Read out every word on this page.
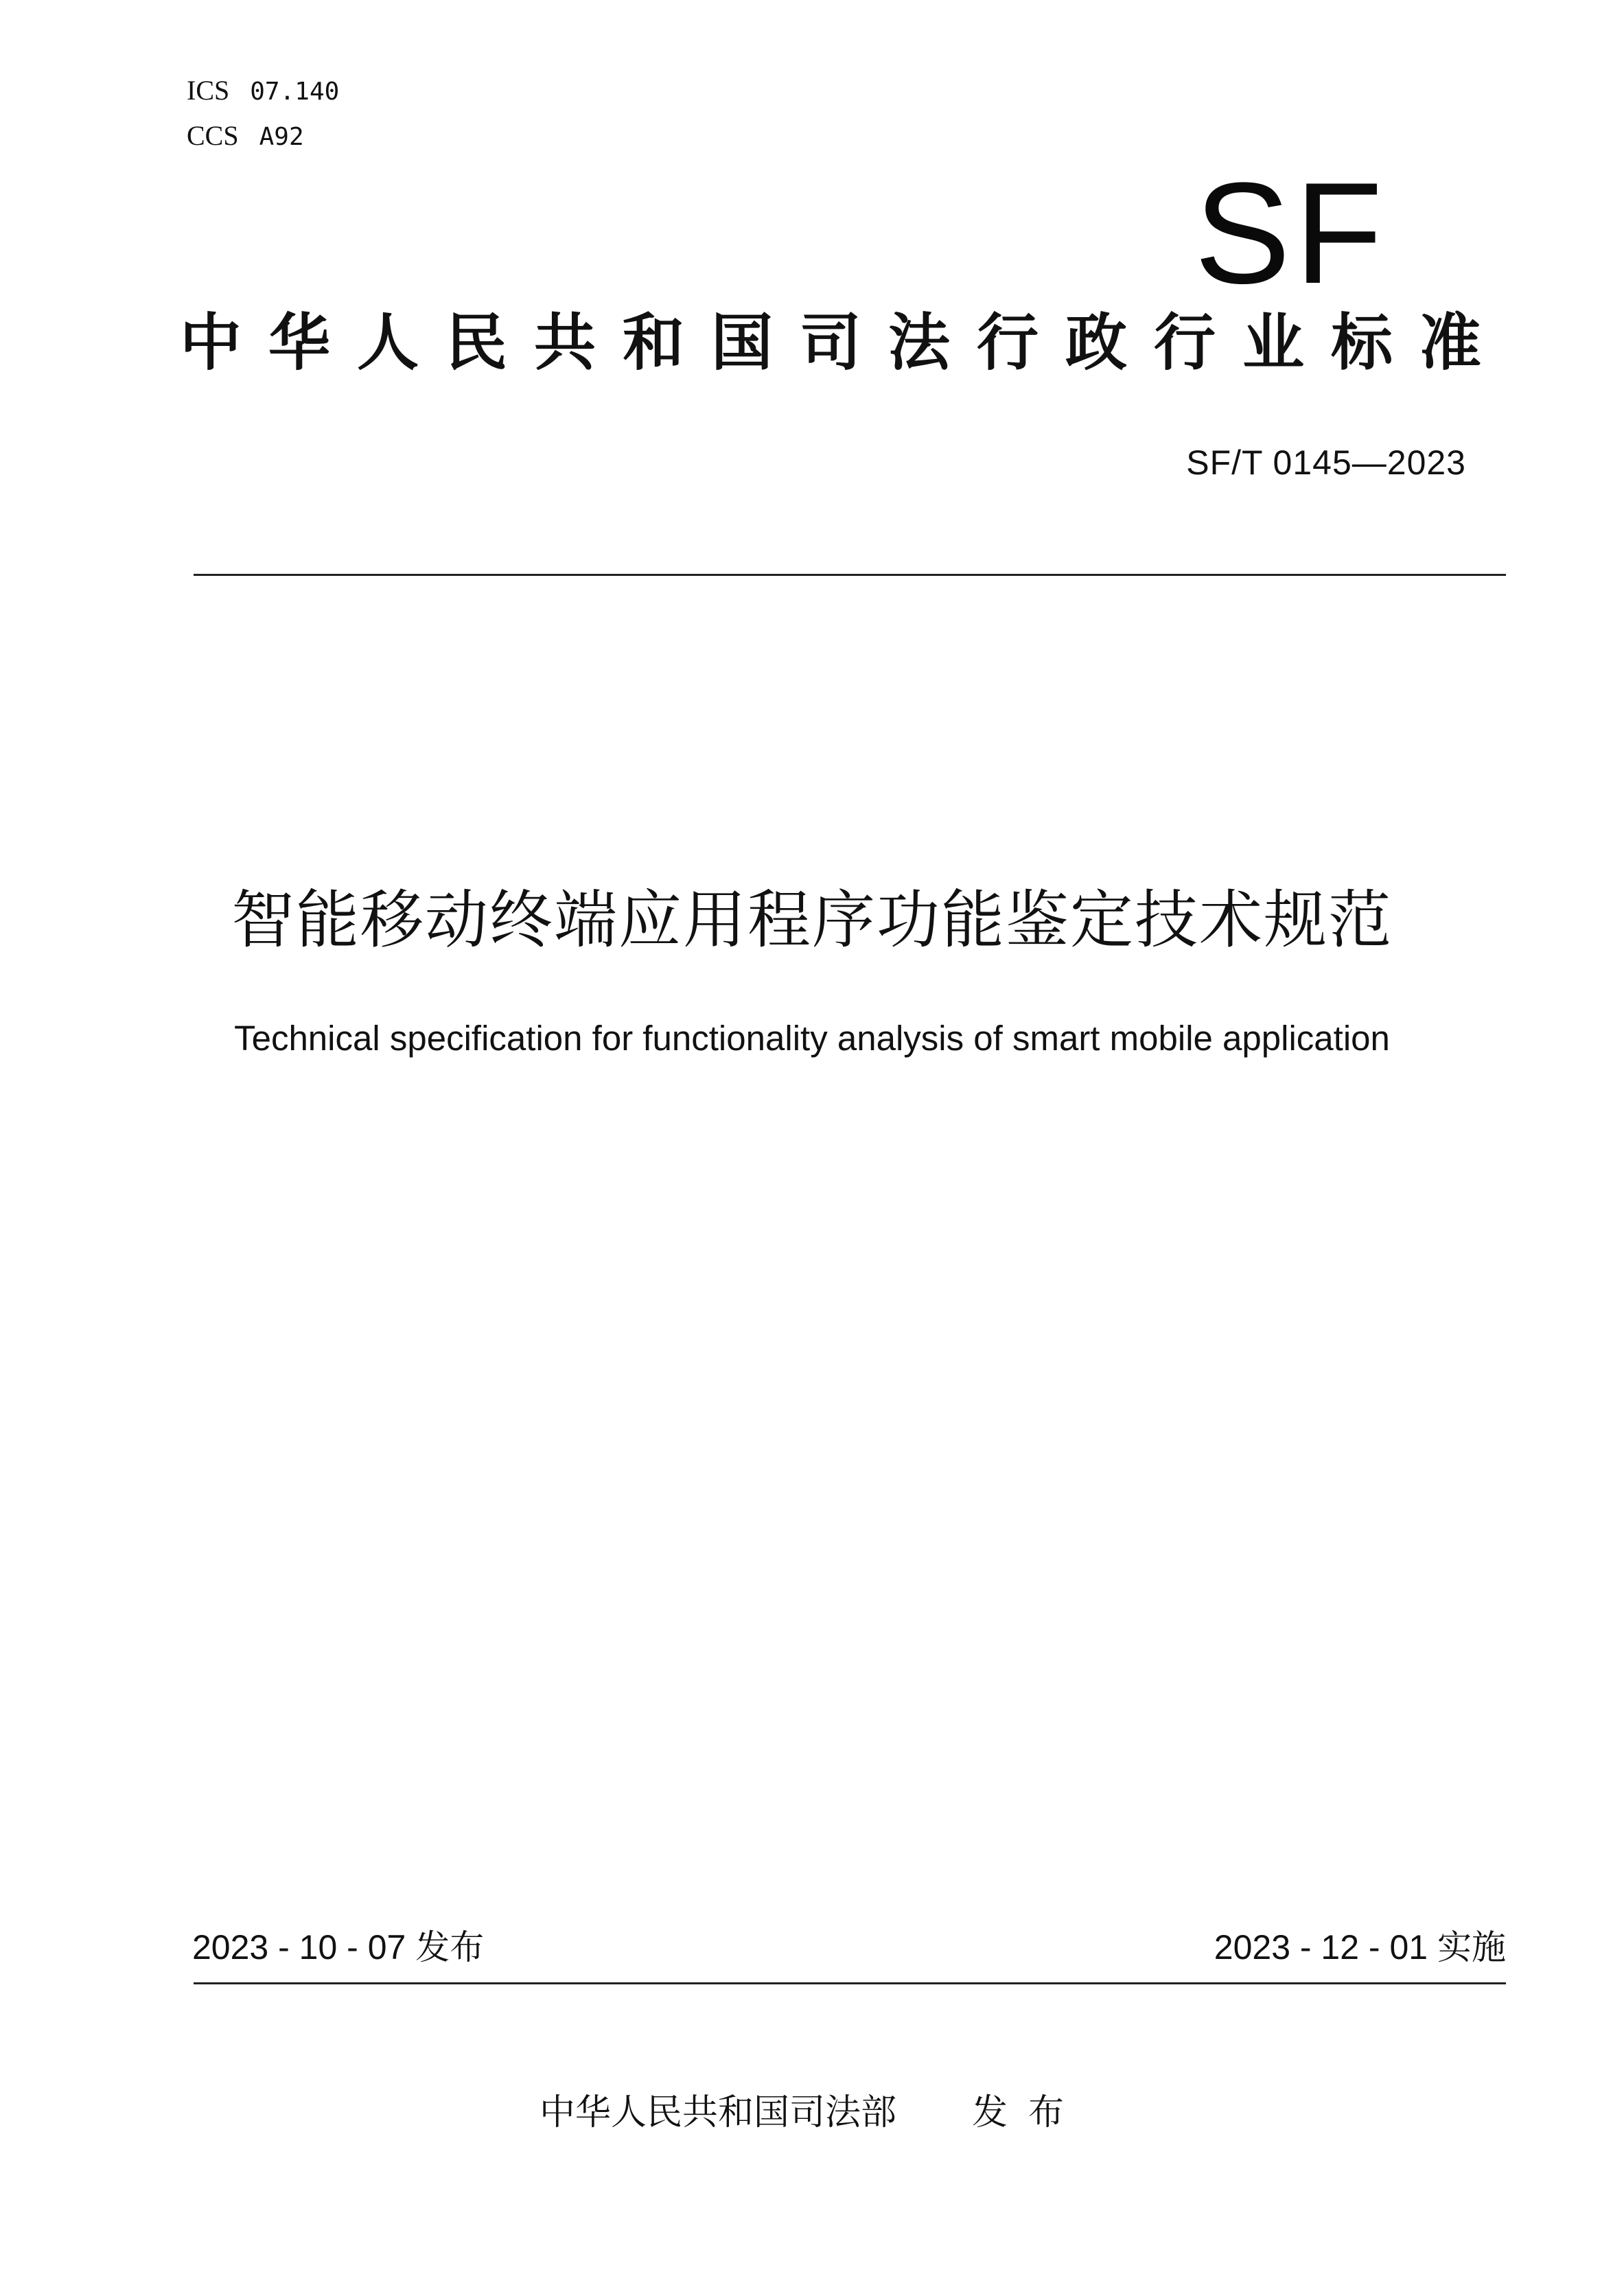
ICS 07.140
CCS A92
SF
中华人民共和国司法行政行业标准
SF/T 0145—2023
智能移动终端应用程序功能鉴定技术规范
Technical specification for functionality analysis of smart mobile application
2023 - 10 - 07 发布	2023 - 12 - 01 实施
中华人民共和国司法部 发布
